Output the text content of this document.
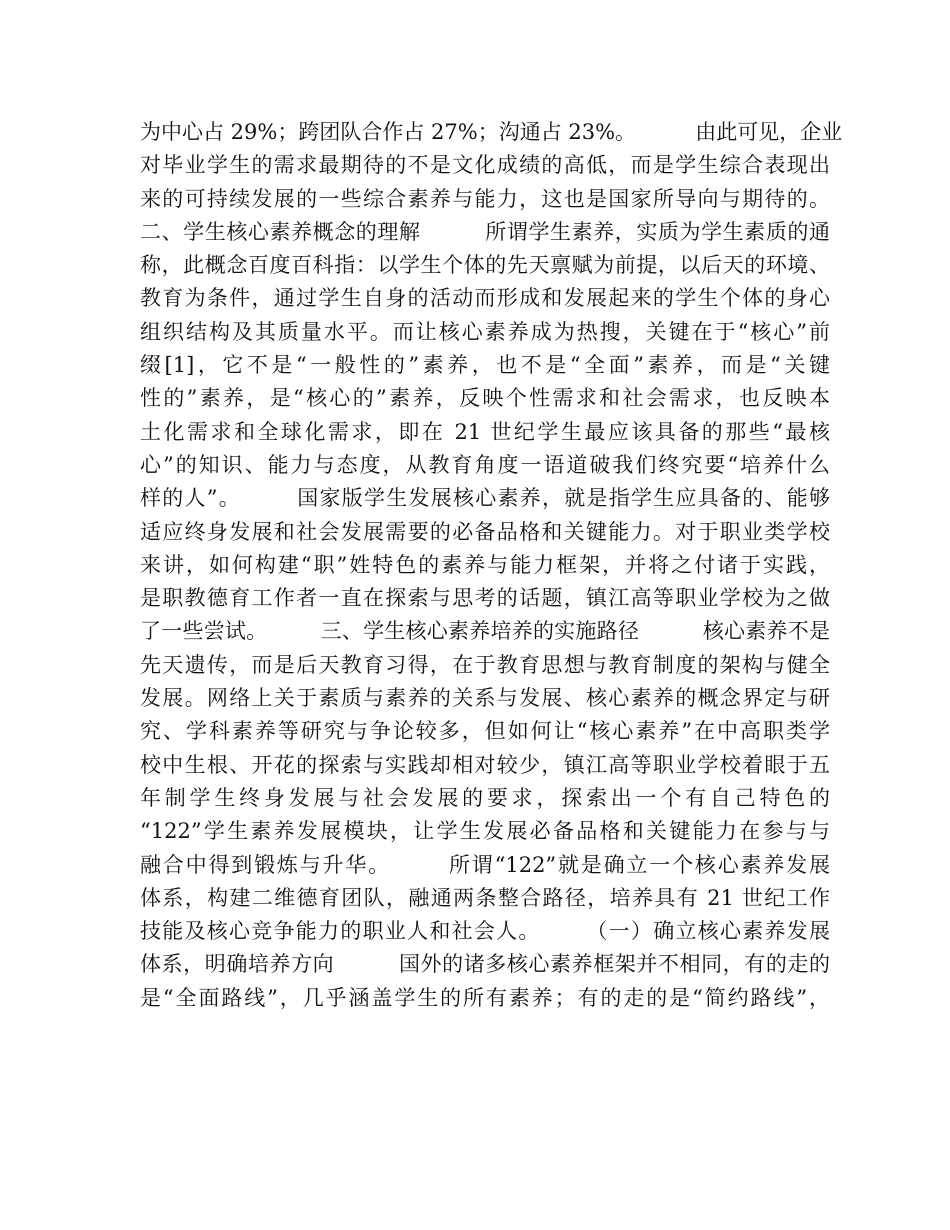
为中心占 29%；跨团队合作占 27%；沟通占 23%。　　　 由此可见，企业
对毕业学生的需求最期待的不是文化成绩的高低，而是学生综合表现出
来的可持续发展的一些综合素养与能力，这也是国家所导向与期待的。
二、学生核心素养概念的理解　　　所谓学生素养，实质为学生素质的通
称，此概念百度百科指：以学生个体的先天禀赋为前提，以后天的环境、
教育为条件，通过学生自身的活动而形成和发展起来的学生个体的身心
组织结构及其质量水平。而让核心素养成为热搜，关键在于“核心”前
缀[1]，它不是“一般性的”素养，也不是“全面”素养，而是“关键
性的”素养，是“核心的”素养，反映个性需求和社会需求，也反映本
土化需求和全球化需求，即在 21 世纪学生最应该具备的那些“最核
心”的知识、能力与态度，从教育角度一语道破我们终究要“培养什么
样的人”。　　　国家版学生发展核心素养，就是指学生应具备的、能够
适应终身发展和社会发展需要的必备品格和关键能力。对于职业类学校
来讲，如何构建“职”姓特色的素养与能力框架，并将之付诸于实践，
是职教德育工作者一直在探索与思考的话题，镇江高等职业学校为之做
了一些尝试。　　　三、学生核心素养培养的实施路径　　　核心素养不是
先天遗传，而是后天教育习得，在于教育思想与教育制度的架构与健全
发展。网络上关于素质与素养的关系与发展、核心素养的概念界定与研
究、学科素养等研究与争论较多，但如何让“核心素养”在中高职类学
校中生根、开花的探索与实践却相对较少，镇江高等职业学校着眼于五
年制学生终身发展与社会发展的要求，探索出一个有自己特色的
“122”学生素养发展模块，让学生发展必备品格和关键能力在参与与
融合中得到锻炼与升华。　　　所谓“122”就是确立一个核心素养发展
体系，构建二维德育团队，融通两条整合路径，培养具有 21 世纪工作
技能及核心竞争能力的职业人和社会人。　　　（一）确立核心素养发展
体系，明确培养方向　　　国外的诸多核心素养框架并不相同，有的走的
是“全面路线”，几乎涵盖学生的所有素养；有的走的是“简约路线”，
